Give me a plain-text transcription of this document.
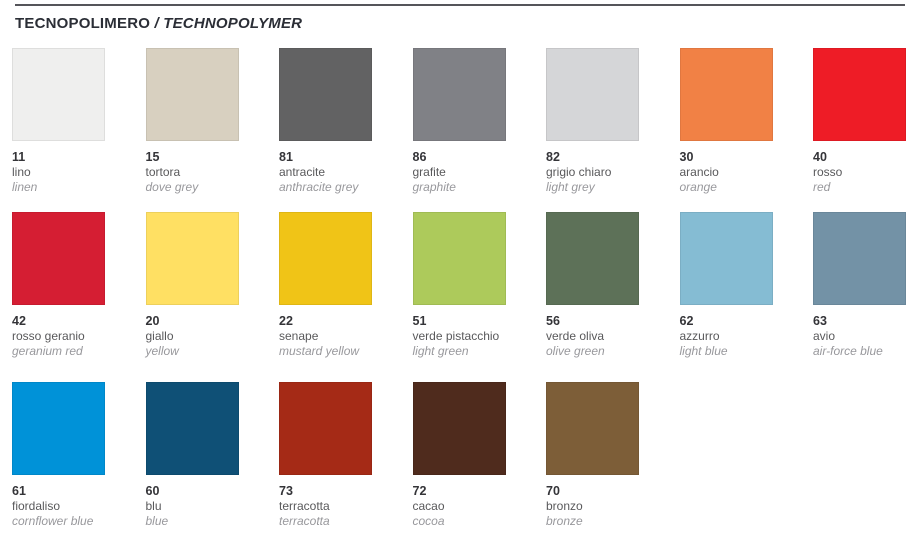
TECNOPOLIMERO / TECHNOPOLYMER
11
lino
linen
15
tortora
dove grey
81
antracite
anthracite grey
86
grafite
graphite
82
grigio chiaro
light grey
30
arancio
orange
40
rosso
red
42
rosso geranio
geranium red
20
giallo
yellow
22
senape
mustard yellow
51
verde pistacchio
light green
56
verde oliva
olive green
62
azzurro
light blue
63
avio
air-force blue
61
fiordaliso
cornflower blue
60
blu
blue
73
terracotta
terracotta
72
cacao
cocoa
70
bronzo
bronze
